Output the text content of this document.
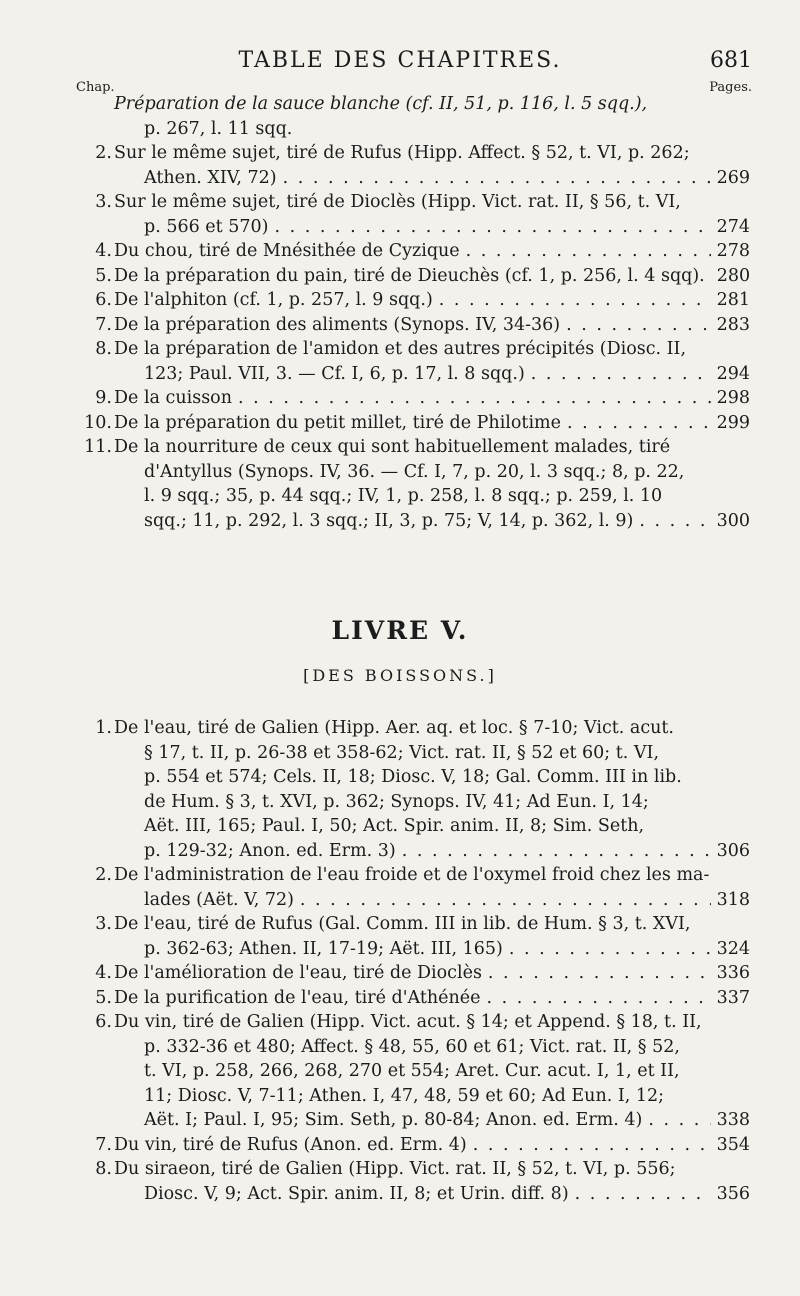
TABLE DES CHAPITRES.	681
Chap.	Pages.
Préparation de la sauce blanche (cf. II, 51, p. 116, l. 5 sqq.),
p. 267, l. 11 sqq.
2. Sur le même sujet, tiré de Rufus (Hipp. Affect. § 52, t. VI, p. 262;
Athen. XIV, 72) . . .	269
3. Sur le même sujet, tiré de Dioclès (Hipp. Vict. rat. II, § 56, t. VI,
p. 566 et 570) . . .	274
4. Du chou, tiré de Mnésithée de Cyzique . . .	278
5. De la préparation du pain, tiré de Dieuchès (cf. 1, p. 256, l. 4 sqq). 280
6. De l'alphiton (cf. 1, p. 257, l. 9 sqq.) . . .	281
7. De la préparation des aliments (Synops. IV, 34-36) . . .	283
8. De la préparation de l'amidon et des autres précipités (Diosc. II,
123; Paul. VII, 3. — Cf. I, 6, p. 17, l. 8 sqq.) . . .	294
9. De la cuisson . . .	298
10. De la préparation du petit millet, tiré de Philotime . . .	299
11. De la nourriture de ceux qui sont habituellement malades, tiré
d'Antyllus (Synops. IV, 36. — Cf. I, 7, p. 20, l. 3 sqq.; 8, p. 22,
l. 9 sqq.; 35, p. 44 sqq.; IV, 1, p. 258, l. 8 sqq.; p. 259, l. 10
sqq.; 11, p. 292, l. 3 sqq.; II, 3, p. 75; V, 14, p. 362, l. 9) . . .	300
LIVRE V.
[DES BOISSONS.]
1. De l'eau, tiré de Galien (Hipp. Aer. aq. et loc. § 7-10; Vict. acut.
§ 17, t. II, p. 26-38 et 358-62; Vict. rat. II, § 52 et 60; t. VI,
p. 554 et 574; Cels. II, 18; Diosc. V, 18; Gal. Comm. III in lib.
de Hum. § 3, t. XVI, p. 362; Synops. IV, 41; Ad Eun. I, 14;
Aët. III, 165; Paul. I, 50; Act. Spir. anim. II, 8; Sim. Seth,
p. 129-32; Anon. ed. Erm. 3) . . .	306
2. De l'administration de l'eau froide et de l'oxymel froid chez les ma-
lades (Aët. V, 72) . . .	318
3. De l'eau, tiré de Rufus (Gal. Comm. III in lib. de Hum. § 3, t. XVI,
p. 362-63; Athen. II, 17-19; Aët. III, 165) . . .	324
4. De l'amélioration de l'eau, tiré de Dioclès . . .	336
5. De la purification de l'eau, tiré d'Athénée . . .	337
6. Du vin, tiré de Galien (Hipp. Vict. acut. § 14; et Append. § 18, t. II,
p. 332-36 et 480; Affect. § 48, 55, 60 et 61; Vict. rat. II, § 52,
t. VI, p. 258, 266, 268, 270 et 554; Aret. Cur. acut. I, 1, et II,
11; Diosc. V, 7-11; Athen. I, 47, 48, 59 et 60; Ad Eun. I, 12;
Aët. I; Paul. I, 95; Sim. Seth, p. 80-84; Anon. ed. Erm. 4) . . .	338
7. Du vin, tiré de Rufus (Anon. ed. Erm. 4) . . .	354
8. Du siraeon, tiré de Galien (Hipp. Vict. rat. II, § 52, t. VI, p. 556;
Diosc. V, 9; Act. Spir. anim. II, 8; et Urin. diff. 8) . . .	356
